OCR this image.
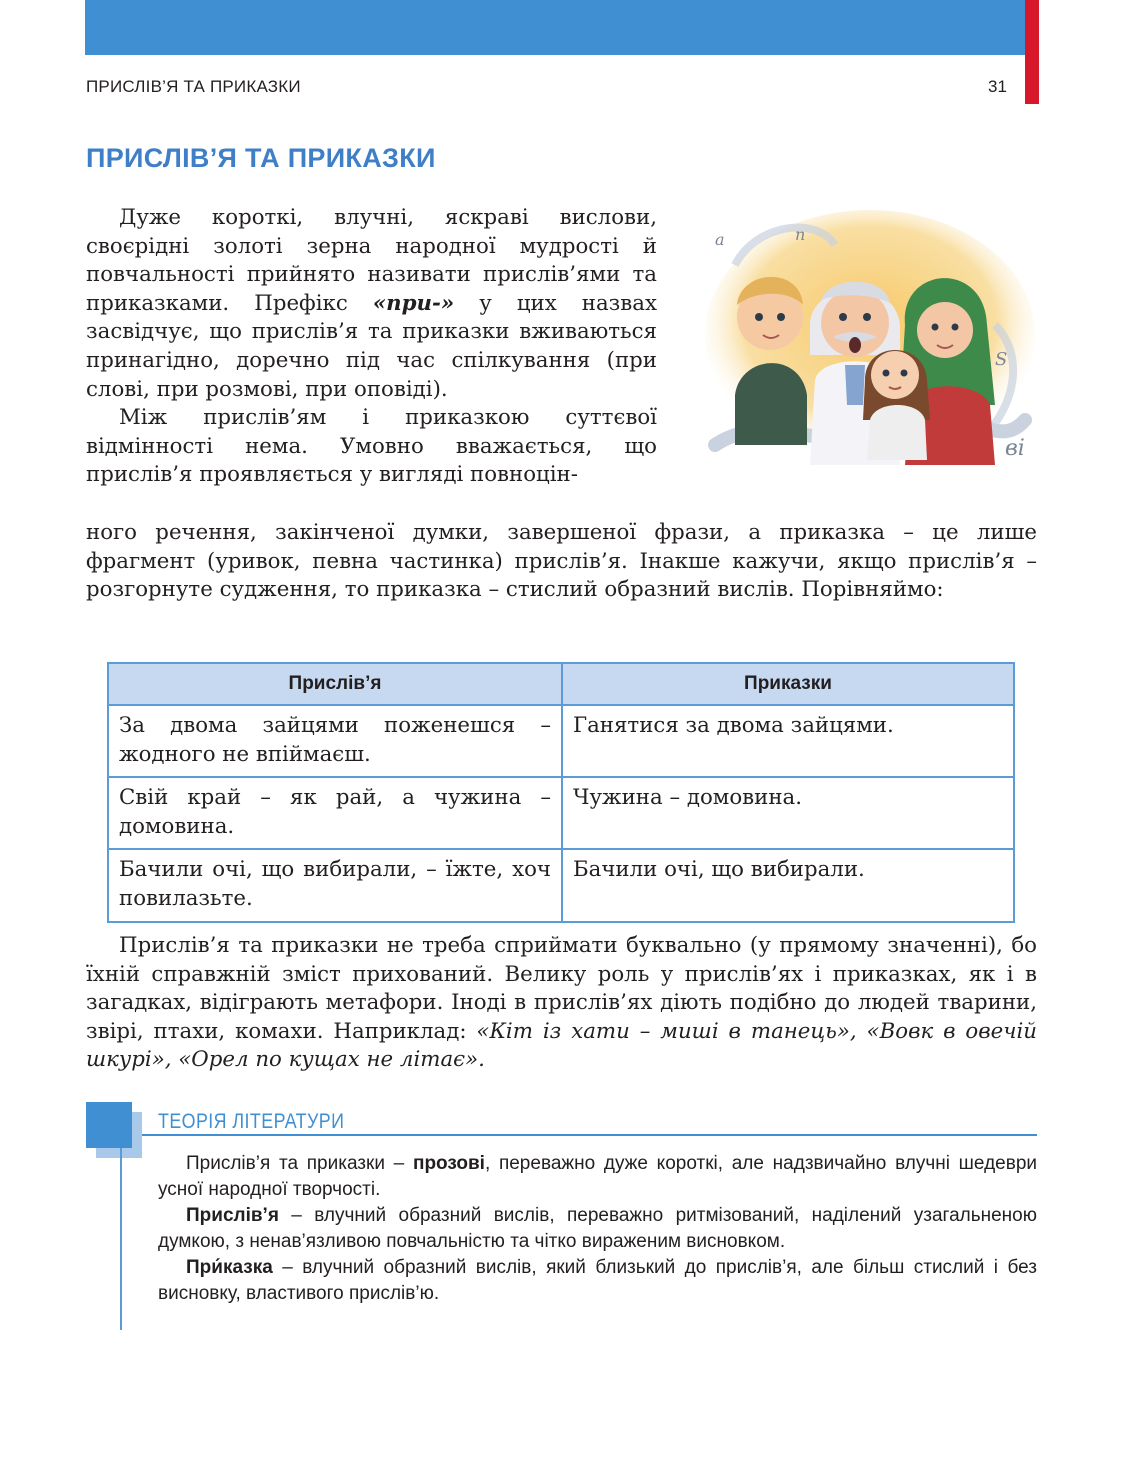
ПРИСЛІВ’Я ТА ПРИКАЗКИ	31
ПРИСЛІВ’Я ТА ПРИКАЗКИ

Дуже короткі, влучні, яскраві вислови, своєрідні золоті зерна народної мудрості й повчальності прийнято називати прислів’ями та приказками. Префікс «при-» у цих назвах засвідчує, що прислів’я та приказки вживаються принагідно, доречно під час спілкування (при слові, при розмові, при оповіді).

Між прислів’ям і приказкою суттєвої відмінності нема. Умовно вважається, що прислів’я проявляється у вигляді повноцін-

a	п
ві
S
ного речення, закінченої думки, завершеної фрази, а приказка – це лише фрагмент (уривок, певна частинка) прислів’я. Інакше кажучи, якщо прислів’я – розгорнуте судження, то приказка – стислий образний вислів. Порівняймо:
Прислів’я	Приказки
За двома зайцями поженешся – жодного не впіймаєш.	Ганятися за двома зайцями.
Свій край – як рай, а чужина – домовина.	Чужина – домовина.
Бачили очі, що вибирали, – їжте, хоч повилазьте.	Бачили очі, що вибирали.

Прислів’я та приказки не треба сприймати буквально (у прямому значенні), бо їхній справжній зміст прихований. Велику роль у прислів’ях і приказках, як і в загадках, відіграють метафори. Іноді в прислів’ях діють подібно до людей тварини, звірі, птахи, комахи. Наприклад: «Кіт із хати – миші в танець», «Вовк в овечій шкурі», «Орел по кущах не літає».

ТЕОРІЯ ЛІТЕРАТУРИ

Прислів’я та приказки – прозові, переважно дуже короткі, але надзвичайно влучні шедеври усної народної творчості.

Прислів’я – влучний образний вислів, переважно ритмізований, наділений узагальненою думкою, з ненав’язливою повчальністю та чітко вираженим висновком.

При́казка – влучний образний вислів, який близький до прислів’я, але більш стислий і без висновку, властивого прислів’ю.
